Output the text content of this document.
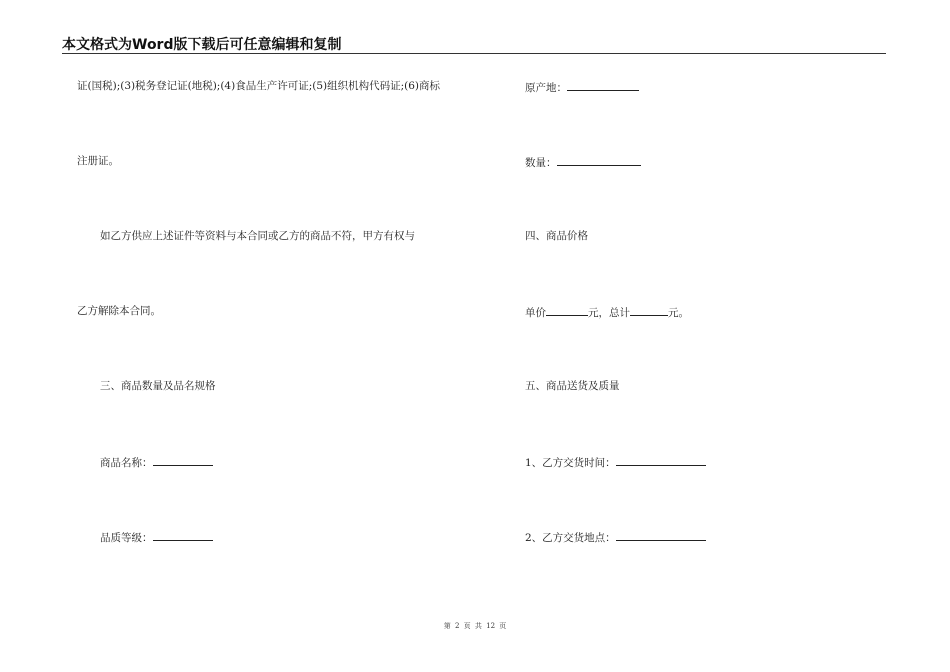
本文格式为Word版下载后可任意编辑和复制
证(国税);(3)税务登记证(地税);(4)食品生产许可证;(5)组织机构代码证;(6)商标
注册证。
如乙方供应上述证件等资料与本合同或乙方的商品不符，甲方有权与
乙方解除本合同。
三、商品数量及品名规格
商品名称：
品质等级：
原产地：
数量：
四、商品价格
单价	元，总计	元。
五、商品送货及质量
1、乙方交货时间：
2、乙方交货地点：
第 2 页 共 12 页
